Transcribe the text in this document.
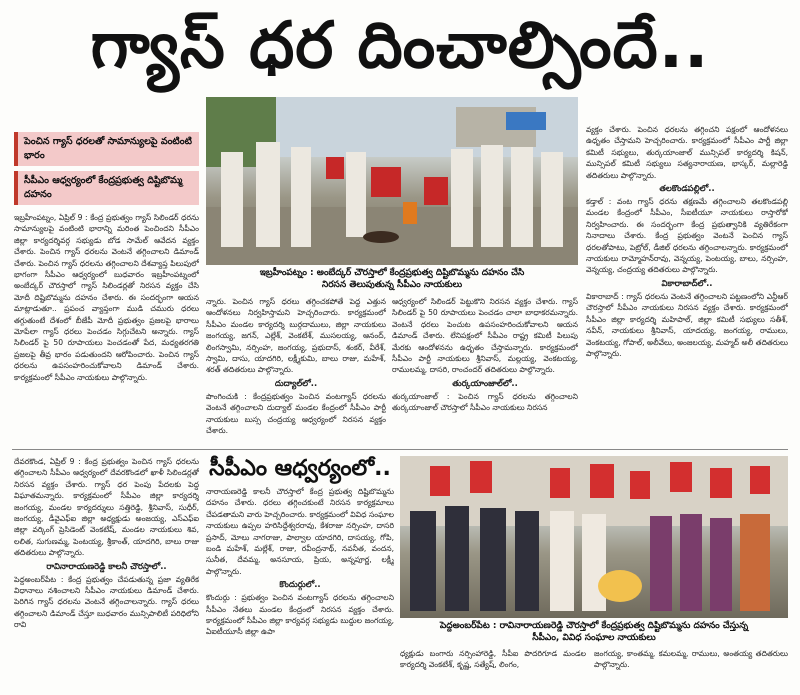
గ్యాస్ ధర దించాల్సిందే..
పెంచిన గ్యాస్ ధరలతో సామాన్యులపై వంటింటి భారం
సీపీఎం ఆధ్వర్యంలో కేంద్రప్రభుత్వ దిష్టిబొమ్మ దహనం
ఇబ్రహీంపట్నం : అంబేద్కర్ చౌరస్తాలో కేంద్రప్రభుత్వ దిష్టిబొమ్మను దహనం చేసి
నిరసన తెలుపుతున్న సీపీఎం నాయకులు

ఇబ్రహీంపట్నం, ఏప్రిల్ 9 : కేంద్ర ప్రభుత్వం గ్యాస్ సిలిండర్ ధరను సామాన్యులపై వంటింటి భారాన్ని మరింత పెంచిందని సీపీఎం జిల్లా కార్యదర్శివర్గ సభ్యుడు బోడ సామేల్ ఆవేదన వ్యక్తం చేశారు. పెంచిన గ్యాస్ ధరలను వెంటనే తగ్గించాలని డిమాండ్ చేశారు. పెంచిన గ్యాస్ ధరలను తగ్గించాలని దేశవ్యాప్త పిలుపులో భాగంగా సీపీఎం ఆధ్వర్యంలో బుధవారం ఇబ్రహీంపట్నంలో అంబేద్కర్ చౌరస్తాలో గ్యాస్ సిలిండర్లతో నిరసన వ్యక్తం చేసి మోదీ దిష్టిబొమ్మను దహనం చేశారు. ఈ సందర్భంగా ఆయన మాట్లాడుతూ.. ప్రపంచ వ్యాప్తంగా ముడి చమురు ధరలు తగ్గుతుంటే దేశంలో బీజేపీ మోదీ ప్రభుత్వం ప్రజలపై భారాలు మోపేలా గ్యాస్ ధరలు పెంచడం సిగ్గుచేటని అన్నారు. గ్యాస్ సిలిండర్ పై 50 రూపాయలు పెంచడంతో పేద, మధ్యతరగతి ప్రజలపై తీవ్ర భారం పడుతుందని ఆరోపించారు. పెంచిన గ్యాస్ ధరలను ఉపసంహరించుకోవాలని డిమాండ్ చేశారు. కార్యక్రమంలో సీపీఎం నాయకులు పాల్గొన్నారు.

న్నారు. పెంచిన గ్యాస్ ధరలు తగ్గించకపోతే పెద్ద ఎత్తున ఆందోళనలు నిర్వహిస్తామని హెచ్చరించారు. కార్యక్రమంలో సీపీఎం మండల కార్యదర్శి బుర్గదాములు, జిల్లా నాయకులు జంగయ్య, జగన్, ఎల్లేశ్, వెంకటేశ్, ముసలయ్య, ఆనంద్, లింగస్వామి, నర్సింహ, జంగయ్య, ప్రభుదాస్, శంకర్, వీరేశ్, స్వామి, దాసు, యాదగిరి, లక్ష్మీకుమి, బాలు రాజు, మహేశ్, శరత్ తదితరులు పాల్గొన్నారు.

దుద్యాల్‌లో..

పొంగించుకి : కేంద్రప్రభుత్వం పెంచిన వంటగ్యాస్ ధరలను వెంటనే తగ్గించాలని దుద్యాల్ మండల కేంద్రంలో సీపీఎం పార్టీ నాయకులు బుస్స చంద్రయ్య ఆధ్వర్యంలో నిరసన వ్యక్తం చేశారు.

ఆధ్వర్యంలో సిలిండర్ పెట్టుకొని నిరసన వ్యక్తం చేశారు. గ్యాస్ సిలిండర్ పై 50 రూపాయలు పెంచడం చాలా బాధాకరమన్నారు. వెంటనే ధరలు పెంచుట ఉపసంహరించుకోవాలని ఆయన డిమాండ్ చేశారు. లేనిపక్షంలో సీపీఎం రాష్ట్ర కమిటీ పిలుపు మేరకు ఆందోళనను ఉధృతం చేస్తామన్నారు. కార్యక్రమంలో సీపీఎం పార్టీ నాయకులు శ్రీనివాస్, మల్లయ్య, వెంకటయ్య, రాములమ్మ, దాసరి, రాంచందర్ తదితరులు పాల్గొన్నారు.

తుర్కయాంజాల్‌లో..

తుర్కయాంజాల్ : పెంచిన గ్యాస్ ధరలను తగ్గించాలని తుర్కయాంజాల్ చౌరస్తాలో సీపీఎం నాయకులు నిరసన

వ్యక్తం చేశారు. పెంచిన ధరలను తగ్గించని పక్షంలో ఆందోళనలు ఉధృతం చేస్తామని హెచ్చరించారు. కార్యక్రమంలో సీపీఎం పార్టీ జిల్లా కమిటీ సభ్యులు, తుర్కయాంజాల్ మున్సిపల్ కార్యదర్శి కిషన్, మున్సిపల్ కమిటీ సభ్యులు సత్యనారాయణ, భాస్కర్, మల్లారెడ్డి తదితరులు పాల్గొన్నారు.

తలకొండపల్లిలో..

కడ్తాల్ : వంట గ్యాస్ ధరను తక్షణమే తగ్గించాలని తలకొండపల్లి మండల కేంద్రంలో సీపీఎం, సీఐటీయూ నాయకులు రాస్తారోకో నిర్వహించారు. ఈ సందర్భంగా కేంద్ర ప్రభుత్వానికి వ్యతిరేకంగా నినాదాలు చేశారు. కేంద్ర ప్రభుత్వం వెంటనే పెంచిన గ్యాస్ ధరలతోపాటు, పెట్రోల్, డీజిల్ ధరలను తగ్గించాలన్నారు. కార్యక్రమంలో నాయకులు రామ్మోహన్‌రావు, వెన్నయ్య, పెంటయ్య, బాలు, నర్సింహ, వెన్నయ్య, చంద్రయ్య తదితరులు పాల్గొన్నారు.

వికారాబాద్‌లో..

వికారాబాద్ : గ్యాస్ ధరలను వెంటనే తగ్గించాలని పట్టణంలోని ఎన్టీఆర్ చౌరస్తాలో సీపీఎం నాయకులు నిరసన వ్యక్తం చేశారు. కార్యక్రమంలో సీపీఎం జిల్లా కార్యదర్శి మహిపాల్, జిల్లా కమిటీ సభ్యులు సతీశ్, నవీన్, నాయకులు శ్రీనివాస్, యాదయ్య, జంగయ్య, రాములు, వెంకటయ్య, గోపాల్, అలీవేలు, అంజలయ్య, మహ్మద్ అలీ తదితరులు పాల్గొన్నారు.

దేవరకొండ, ఏప్రిల్ 9 : కేంద్ర ప్రభుత్వం పెంచిన గ్యాస్ ధరలను తగ్గించాలని సీపీఎం ఆధ్వర్యంలో దేవరకొండలో ఖాళీ సిలిండర్లతో నిరసన వ్యక్తం చేశారు. గ్యాస్ ధర పెంపు పేదలకు పెద్ద విఘాతమన్నారు. కార్యక్రమంలో సీపీఎం జిల్లా కార్యదర్శి జంగయ్య, మండల కార్యదర్శులు సత్తిరెడ్డి, శ్రీనివాస్, సుధీర్, జంగయ్య, డీవైఎఫ్ఐ జిల్లా అధ్యక్షుడు అంజయ్య, ఎస్ఎఫ్ఐ జిల్లా వర్కింగ్ ప్రెసిడెంట్ వెంకటేష్, మండల నాయకులు శివ, లలిత, సుగుణమ్మ, పెంటయ్య, శ్రీకాంత్, యాదగిరి, బాలు రాజు తదితరులు పాల్గొన్నారు.

రావినారాయణరెడ్డి కాలనీ చౌరస్తాలో..

పెద్దఅంబర్‌పేట : కేంద్ర ప్రభుత్వం చేపడుతున్న ప్రజా వ్యతిరేక విధానాలు నశించాలని సీపీఎం నాయకులు డిమాండ్ చేశారు. పెరిగిన గ్యాస్ ధరలను వెంటనే తగ్గించాలన్నారు. గ్యాస్ ధరలు తగ్గించాలని డిమాండ్ చేస్తూ బుధవారం మున్సిపాలిటీ పరిధిలోని రావి

సీపీఎం ఆధ్వర్యంలో..

నారాయణరెడ్డి కాలనీ చౌరస్తాలో కేంద్ర ప్రభుత్వ దిష్టిబొమ్మను దహనం చేశారు. ధరలు తగ్గించకుంటే నిరసన కార్యక్రమాలు చేపడతామని వారు హెచ్చరించారు. కార్యక్రమంలో వివిధ సంఘాల నాయకులు ఉప్పల హరిసిద్దేశ్వరరావు, కేశరాజు నర్సింహ, దాసరి ప్రసాద్, మోలు నాగరాజు, పాల్వాల యాదగిరి, దాసయ్య, గోపి, బండి మహేశ్, మల్లేశ్, రాజు, రవీంద్రనాథ్, నవనీత, వందన, సునీత, దేవమ్మ, అనసూయ, ప్రియ, అన్నపూర్ణ, లక్ష్మీ పాల్గొన్నారు.

కొందుర్గులో..

కొందుర్గు : ప్రభుత్వం పెంచిన వంటగ్యాస్ ధరలను తగ్గించాలని సీపీఎం నేతలు మండల కేంద్రంలో నిరసన వ్యక్తం చేశారు. కార్యక్రమంలో సీపీఎం జిల్లా కార్యవర్గ సభ్యుడు బుద్దుల జంగయ్య, ఏఐటీయూసీ జిల్లా ఉపా

పెద్దఅంబర్‌పేట : రావినారాయణరెడ్డి చౌరస్తాలో కేంద్రప్రభుత్వ దిష్టిబొమ్మను దహనం చేస్తున్న
సీపీఎం, వివిధ సంఘాల నాయకులు

ధ్యక్షుడు బంగారు నర్సింహారెడ్డి, సీపీఐ పొదరిగూడ మండల కార్యదర్శి వెంకటేశ్, కృష్ణ, సత్యేష్, లింగం,

జంగయ్య, కాంతమ్మ, కమలమ్మ, రాములు, అంతయ్య తదితరులు పాల్గొన్నారు.
